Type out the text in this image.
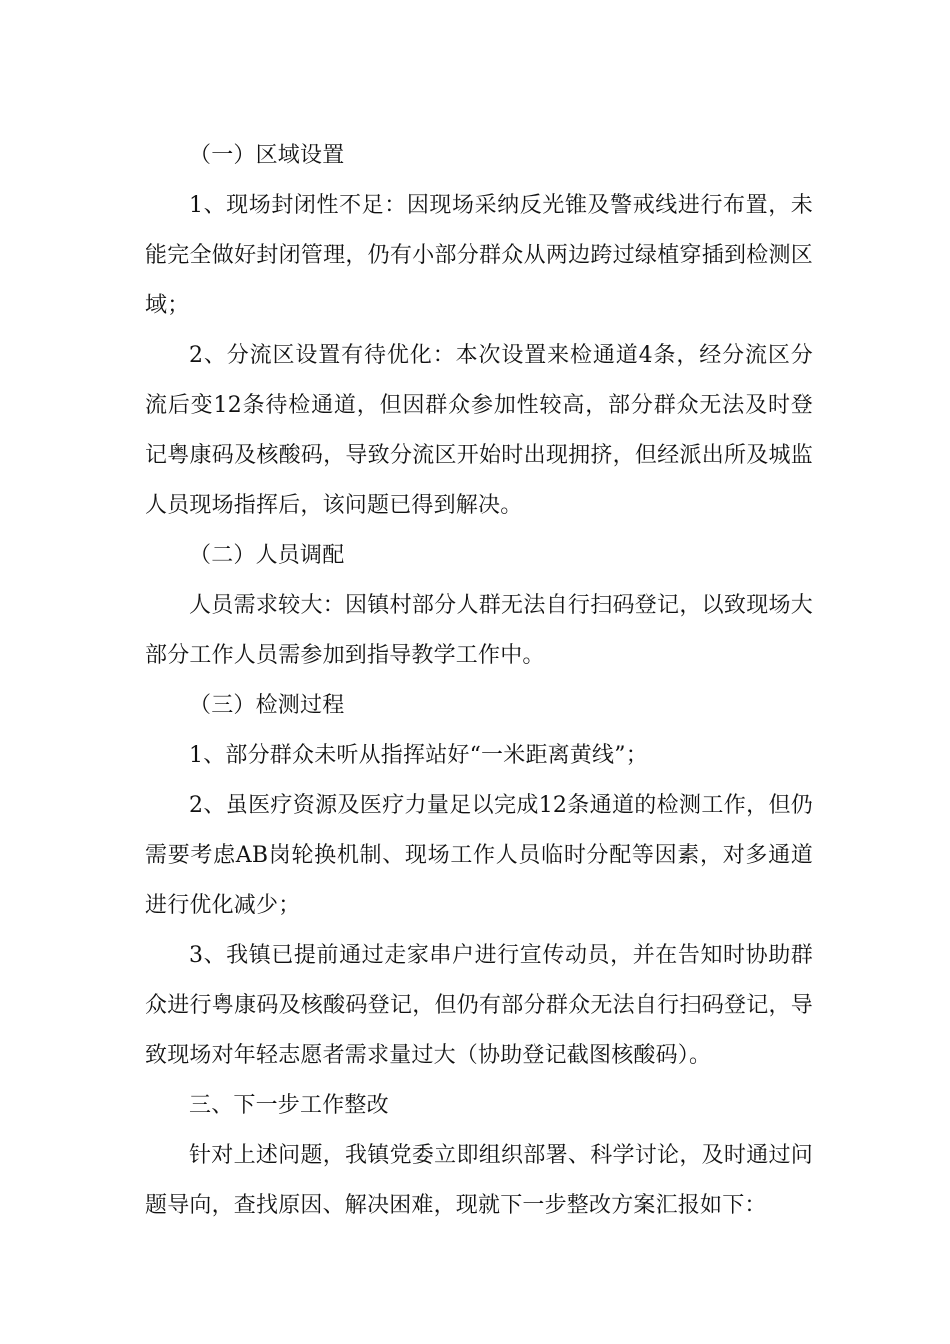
（一）区域设置

1、现场封闭性不足：因现场采纳反光锥及警戒线进行布置，未能完全做好封闭管理，仍有小部分群众从两边跨过绿植穿插到检测区域；

2、分流区设置有待优化：本次设置来检通道4条，经分流区分流后变12条待检通道，但因群众参加性较高，部分群众无法及时登记粤康码及核酸码，导致分流区开始时出现拥挤，但经派出所及城监人员现场指挥后，该问题已得到解决。

（二）人员调配

人员需求较大：因镇村部分人群无法自行扫码登记，以致现场大部分工作人员需参加到指导教学工作中。

（三）检测过程

1、部分群众未听从指挥站好“一米距离黄线”；

2、虽医疗资源及医疗力量足以完成12条通道的检测工作，但仍需要考虑AB岗轮换机制、现场工作人员临时分配等因素，对多通道进行优化减少；

3、我镇已提前通过走家串户进行宣传动员，并在告知时协助群众进行粤康码及核酸码登记，但仍有部分群众无法自行扫码登记，导致现场对年轻志愿者需求量过大（协助登记截图核酸码）。

三、下一步工作整改

针对上述问题，我镇党委立即组织部署、科学讨论，及时通过问题导向，查找原因、解决困难，现就下一步整改方案汇报如下：
